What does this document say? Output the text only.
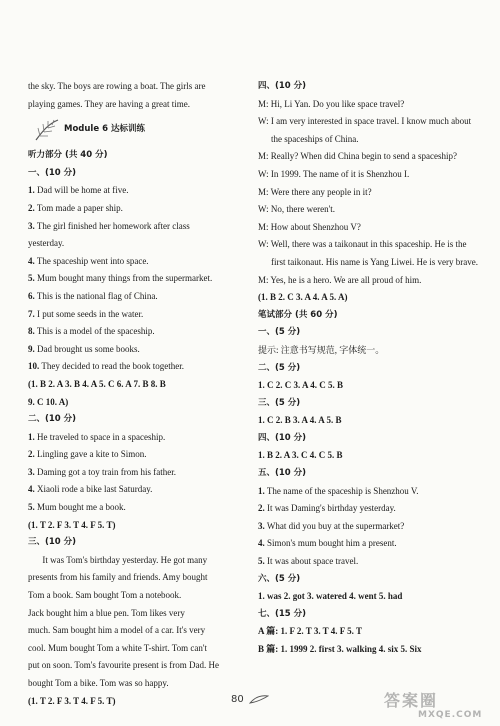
the sky. The boys are rowing a boat. The girls are
playing games. They are having a great time.
Module 6 达标训练
听力部分 (共 40 分)
一、(10 分)
1. Dad will be home at five.
2. Tom made a paper ship.
3. The girl finished her homework after class
yesterday.
4. The spaceship went into space.
5. Mum bought many things from the supermarket.
6. This is the national flag of China.
7. I put some seeds in the water.
8. This is a model of the spaceship.
9. Dad brought us some books.
10. They decided to read the book together.
(1. B 2. A 3. B 4. A 5. C 6. A 7. B 8. B
9. C 10. A)
二、(10 分)
1. He traveled to space in a spaceship.
2. Lingling gave a kite to Simon.
3. Daming got a toy train from his father.
4. Xiaoli rode a bike last Saturday.
5. Mum bought me a book.
(1. T 2. F 3. T 4. F 5. T)
三、(10 分)
It was Tom's birthday yesterday. He got many
presents from his family and friends. Amy bought
Tom a book. Sam bought Tom a notebook.
Jack bought him a blue pen. Tom likes very
much. Sam bought him a model of a car. It's very
cool. Mum bought Tom a white T-shirt. Tom can't
put on soon. Tom's favourite present is from Dad. He
bought Tom a bike. Tom was so happy.
(1. T 2. F 3. T 4. F 5. T)
四、(10 分)
M: Hi, Li Yan. Do you like space travel?
W: I am very interested in space travel. I know much about the spaceships of China.
M: Really? When did China begin to send a spaceship?
W: In 1999. The name of it is Shenzhou I.
M: Were there any people in it?
W: No, there weren't.
M: How about Shenzhou V?
W: Well, there was a taikonaut in this spaceship. He is the first taikonaut. His name is Yang Liwei. He is very brave.
M: Yes, he is a hero. We are all proud of him.
(1. B 2. C 3. A 4. A 5. A)
笔试部分 (共 60 分)
一、(5 分)
提示: 注意书写规范, 字体统一。
二、(5 分)
1. C 2. C 3. A 4. C 5. B
三、(5 分)
1. C 2. B 3. A 4. A 5. B
四、(10 分)
1. B 2. A 3. C 4. C 5. B
五、(10 分)
1. The name of the spaceship is Shenzhou V.
2. It was Daming's birthday yesterday.
3. What did you buy at the supermarket?
4. Simon's mum bought him a present.
5. It was about space travel.
六、(5 分)
1. was 2. got 3. watered 4. went 5. had
七、(15 分)
A 篇: 1. F 2. T 3. T 4. F 5. T
B 篇: 1. 1999 2. first 3. walking 4. six 5. Six
80	答案圈
MXQE.COM
